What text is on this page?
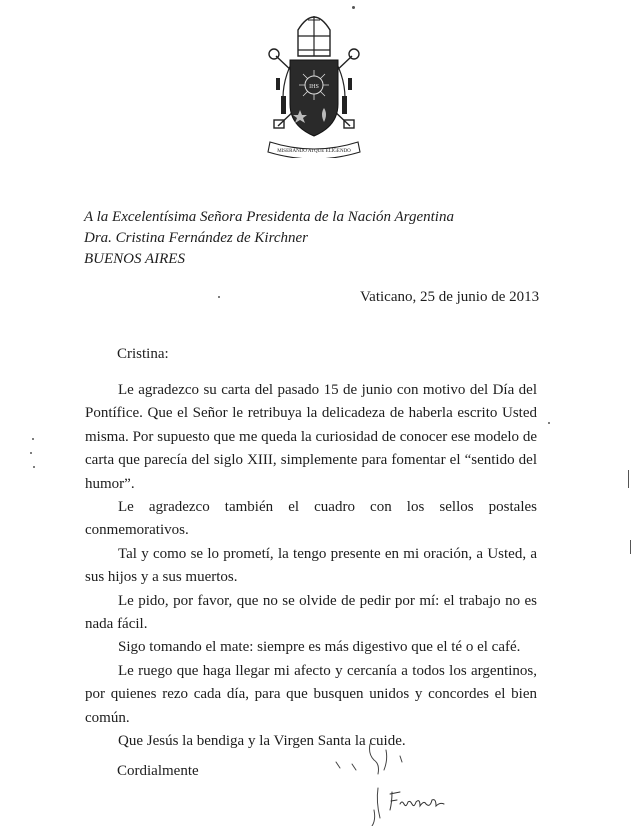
IHS
MISERANDO ATQUE ELIGENDO
A la Excelentísima Señora Presidenta de la Nación Argentina
Dra. Cristina Fernández de Kirchner
BUENOS AIRES
Vaticano, 25 de junio de 2013
Cristina:

Le agradezco su carta del pasado 15 de junio con motivo del Día del Pontífice. Que el Señor le retribuya la delicadeza de haberla escrito Usted misma. Por supuesto que me queda la curiosidad de conocer ese modelo de carta que parecía del siglo XIII, simplemente para fomentar el “sentido del humor”.

Le agradezco también el cuadro con los sellos postales conmemorativos.

Tal y como se lo prometí, la tengo presente en mi oración, a Usted, a sus hijos y a sus muertos.

Le pido, por favor, que no se olvide de pedir por mí: el trabajo no es nada fácil.

Sigo tomando el mate: siempre es más digestivo que el té o el café.

Le ruego que haga llegar mi afecto y cercanía a todos los argentinos, por quienes rezo cada día, para que busquen unidos y concordes el bien común.

Que Jesús la bendiga y la Virgen Santa la cuide.

Cordialmente
